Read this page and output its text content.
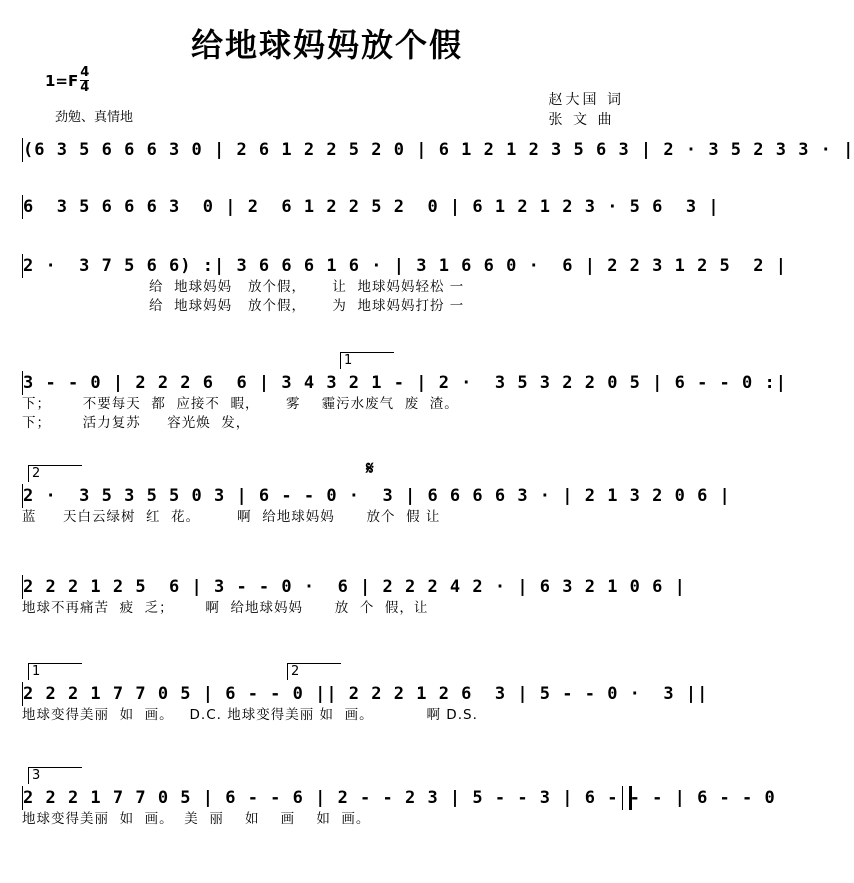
给地球妈妈放个假
$1=F \frac{4}{4}$
劲勉、真情地
赵大国 词
张 文 曲
(6 3 5 6 6 6 3 0 | 2 6 1 2 2 5 2 0 | 6 1 2 1 2 3 5 6 3 | 2 · 3 5 2 3 3 · |
6  3 5 6 6 6 3  0 | 2  6 1 2 2 5 2  0 | 6 1 2 1 2 3 · 5 6  3 |
2 ·  3 7 5 6 6) :| 3 6 6 6 1 6 · | 3 1 6 6 0 ·  6 | 2 2 3 1 2 5  2 |
给  地球妈妈   放个假，     让  地球妈妈轻松 一
给  地球妈妈   放个假，     为  地球妈妈打扮 一
1
3 - - 0 | 2 2 2 6  6 | 3 4 3 2 1 - | 2 ·  3 5 3 2 2 0 5 | 6 - - 0 :|
下；      不要每天  都  应接不  暇，     雾    霾污水废气  废  渣。
下；      活力复苏     容光焕  发，
2	𝄋
2 ·  3 5 3 5 5 0 3 | 6 - - 0 ·  3 | 6 6 6 6 3 · | 2 1 3 2 0 6 |
蓝     天白云绿树  红  花。       啊  给地球妈妈      放个  假 让
2 2 2 1 2 5  6 | 3 - - 0 ·  6 | 2 2 2 4 2 · | 6 3 2 1 0 6 |
地球不再痛苦  疲  乏；      啊  给地球妈妈      放  个  假，让
1	2
2 2 2 1 7 7 0 5 | 6 - - 0 || 2 2 2 1 2 6  3 | 5 - - 0 ·  3 ||
地球变得美丽  如  画。   D.C. 地球变得美丽 如  画。          啊 D.S.
3
2 2 2 1 7 7 0 5 | 6 - - 6 | 2 - - 2 3 | 5 - - 3 | 6 - - - | 6 - - 0
地球变得美丽  如  画。  美  丽    如    画    如  画。
